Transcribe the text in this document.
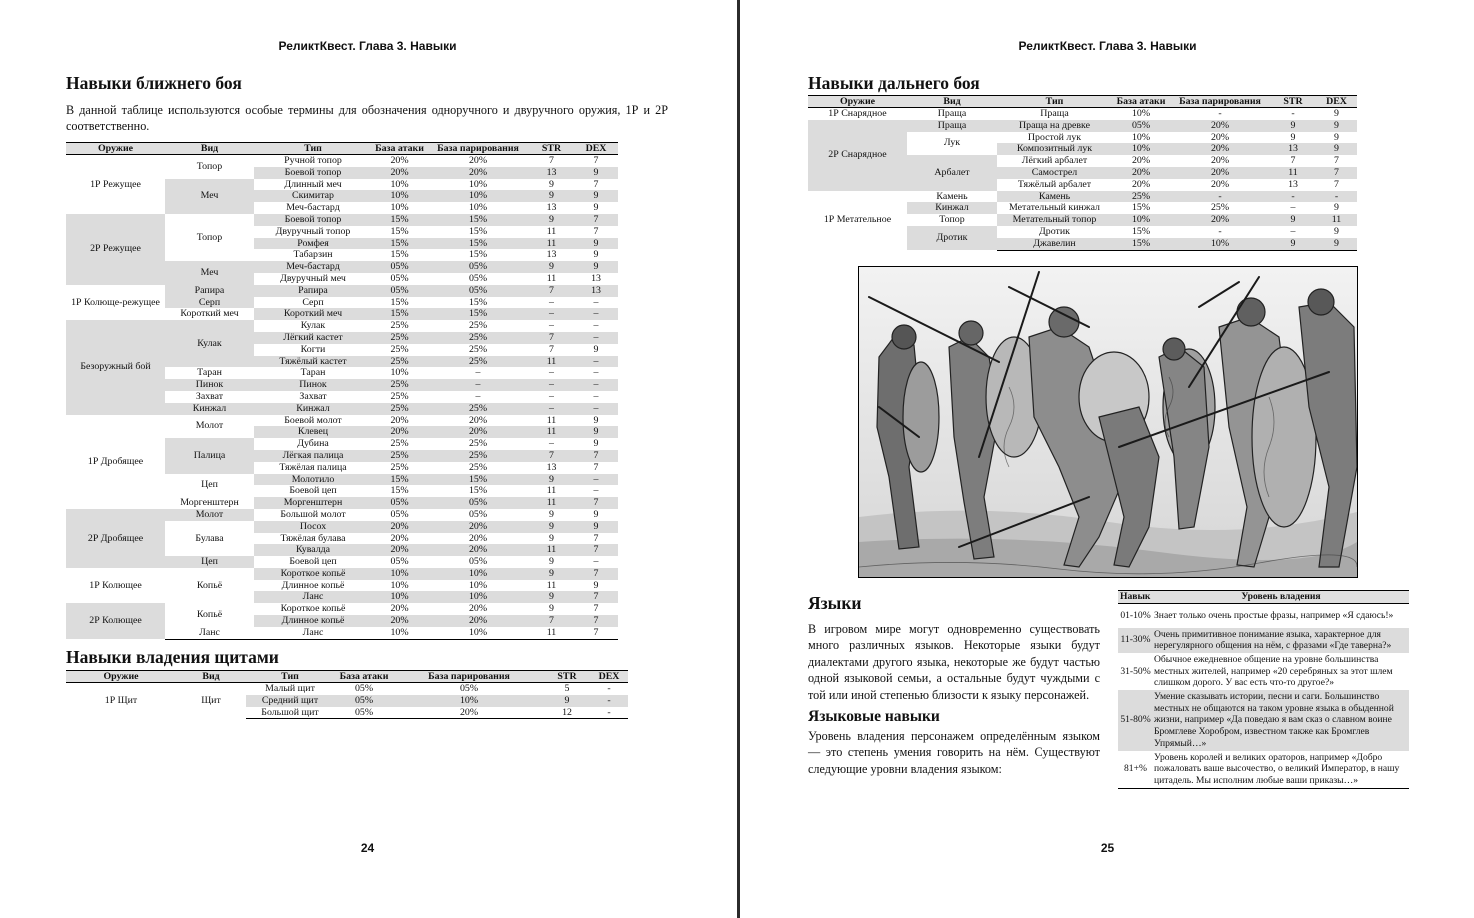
РеликтКвест. Глава 3. Навыки
Навыки ближнего боя

В данной таблице используются особые термины для обозначения одноручного и двуручного оружия, 1Р и 2Р соответственно.

Оружие	Вид	Тип	База атаки	База парирования	STR	DEX
1Р Режущее	Топор	Ручной топор	20%	20%	7	7
		Боевой топор	20%	20%	13	9
	Меч	Длинный меч	10%	10%	9	7
		Скимитар	10%	10%	9	9
		Меч-бастард	10%	10%	13	9
2Р Режущее	Топор	Боевой топор	15%	15%	9	7
		Двуручный топор	15%	15%	11	7
		Ромфея	15%	15%	11	9
		Табарзин	15%	15%	13	9
	Меч	Меч-бастард	05%	05%	9	9
		Двуручный меч	05%	05%	11	13
1Р Колюще-режущее	Рапира	Рапира	05%	05%	7	13
	Серп	Серп	15%	15%	–	–
	Короткий меч	Короткий меч	15%	15%	–	–
Безоружный бой	Кулак	Кулак	25%	25%	–	–
		Лёгкий кастет	25%	25%	7	–
		Когти	25%	25%	7	9
		Тяжёлый кастет	25%	25%	11	–
	Таран	Таран	10%	–	–	–
	Пинок	Пинок	25%	–	–	–
	Захват	Захват	25%	–	–	–
	Кинжал	Кинжал	25%	25%	–	–
1Р Дробящее	Молот	Боевой молот	20%	20%	11	9
		Клевец	20%	20%	11	9
	Палица	Дубина	25%	25%	–	9
		Лёгкая палица	25%	25%	7	7
		Тяжёлая палица	25%	25%	13	7
	Цеп	Молотило	15%	15%	9	–
		Боевой цеп	15%	15%	11	–
	Моргенштерн	Моргенштерн	05%	05%	11	7
2Р Дробящее	Молот	Большой молот	05%	05%	9	9
	Булава	Посох	20%	20%	9	9
		Тяжёлая булава	20%	20%	9	7
		Кувалда	20%	20%	11	7
	Цеп	Боевой цеп	05%	05%	9	–
1Р Колющее	Копьё	Короткое копьё	10%	10%	9	7
		Длинное копьё	10%	10%	11	9
		Ланс	10%	10%	9	7
2Р Колющее	Копьё	Короткое копьё	20%	20%	9	7
		Длинное копьё	20%	20%	7	7
	Ланс	Ланс	10%	10%	11	7
Навыки владения щитами
Оружие	Вид	Тип	База атаки	База парирования	STR	DEX
1Р Щит	Щит	Малый щит	05%	05%	5	-
		Средний щит	05%	10%	9	-
		Большой щит	05%	20%	12	-
24
РеликтКвест. Глава 3. Навыки
Навыки дальнего боя
Оружие	Вид	Тип	База атаки	База парирования	STR	DEX
1Р Снарядное	Праща	Праща	10%	-	-	9
2Р Снарядное	Праща	Праща на древке	05%	20%	9	9
	Лук	Простой лук	10%	20%	9	9
		Композитный лук	10%	20%	13	9
	Арбалет	Лёгкий арбалет	20%	20%	7	7
		Самострел	20%	20%	11	7
		Тяжёлый арбалет	20%	20%	13	7
1Р Метательное	Камень	Камень	25%	-	-	-
	Кинжал	Метательный кинжал	15%	25%	–	9
	Топор	Метательный топор	10%	20%	9	11
	Дротик	Дротик	15%	-	–	9
		Джавелин	15%	10%	9	9
Языки

В игровом мире могут одновременно существовать много различных языков. Некоторые языки будут диалектами другого языка, некоторые же будут частью одной языковой семьи, а остальные будут чуждыми с той или иной степенью близости к языку персонажей.

Языковые навыки

Уровень владения персонажем определённым языком — это степень умения говорить на нём. Существуют следующие уровни владения языком:

Навык	Уровень владения
01-10%	Знает только очень простые фразы, например «Я сдаюсь!»
11-30%	Очень примитивное понимание языка, характерное для нерегулярного общения на нём, с фразами «Где таверна?»
31-50%	Обычное ежедневное общение на уровне большинства местных жителей, например «20 серебряных за этот шлем слишком дорого. У вас есть что-то другое?»
51-80%	Умение сказывать истории, песни и саги. Большинство местных не общаются на таком уровне языка в обыденной жизни, например «Да поведаю я вам сказ о славном воине Бромглеве Хоробром, известном также как Бромглев Упрямый…»
81+%	Уровень королей и великих ораторов, например «Добро пожаловать ваше высочество, о великий Император, в нашу цитадель. Мы исполним любые ваши приказы…»
25
